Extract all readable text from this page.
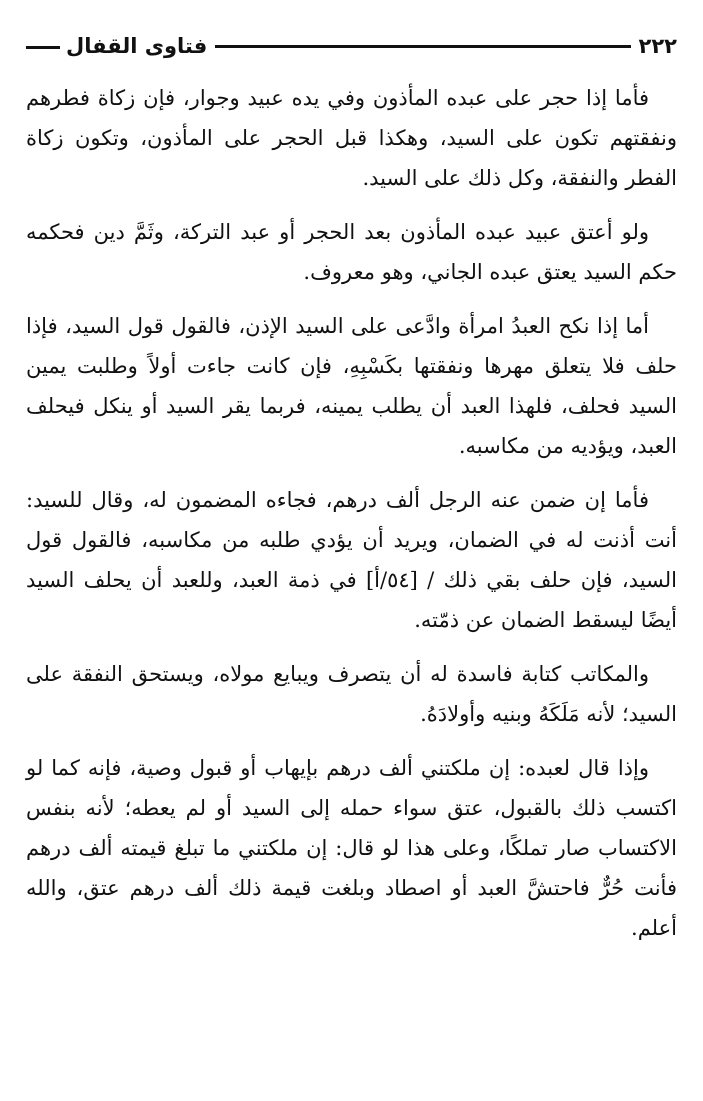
٢٢٢
فتاوى القفال

فأما إذا حجر على عبده المأذون وفي يده عبيد وجوار، فإن زكاة فطرهم ونفقتهم تكون على السيد، وهكذا قبل الحجر على المأذون، وتكون زكاة الفطر والنفقة، وكل ذلك على السيد.

ولو أعتق عبيد عبده المأذون بعد الحجر أو عبد التركة، وثَمَّ دين فحكمه حكم السيد يعتق عبده الجاني، وهو معروف.

أما إذا نكح العبدُ امرأة وادَّعى على السيد الإذن، فالقول قول السيد، فإذا حلف فلا يتعلق مهرها ونفقتها بكَسْبِهِ، فإن كانت جاءت أولاً وطلبت يمين السيد فحلف، فلهذا العبد أن يطلب يمينه، فربما يقر السيد أو ينكل فيحلف العبد، ويؤديه من مكاسبه.

فأما إن ضمن عنه الرجل ألف درهم، فجاءه المضمون له، وقال للسيد: أنت أذنت له في الضمان، ويريد أن يؤدي طلبه من مكاسبه، فالقول قول السيد، فإن حلف بقي ذلك / [٥٤/أ] في ذمة العبد، وللعبد أن يحلف السيد أيضًا ليسقط الضمان عن ذمّته.

والمكاتب كتابة فاسدة له أن يتصرف ويبايع مولاه، ويستحق النفقة على السيد؛ لأنه مَلَكَهُ وبنيه وأولادَهُ.

وإذا قال لعبده: إن ملكتني ألف درهم بإيهاب أو قبول وصية، فإنه كما لو اكتسب ذلك بالقبول، عتق سواء حمله إلى السيد أو لم يعطه؛ لأنه بنفس الاكتساب صار تملكًا، وعلى هذا لو قال: إن ملكتني ما تبلغ قيمته ألف درهم فأنت حُرٌّ فاحتشَّ العبد أو اصطاد وبلغت قيمة ذلك ألف درهم عتق، والله أعلم.
